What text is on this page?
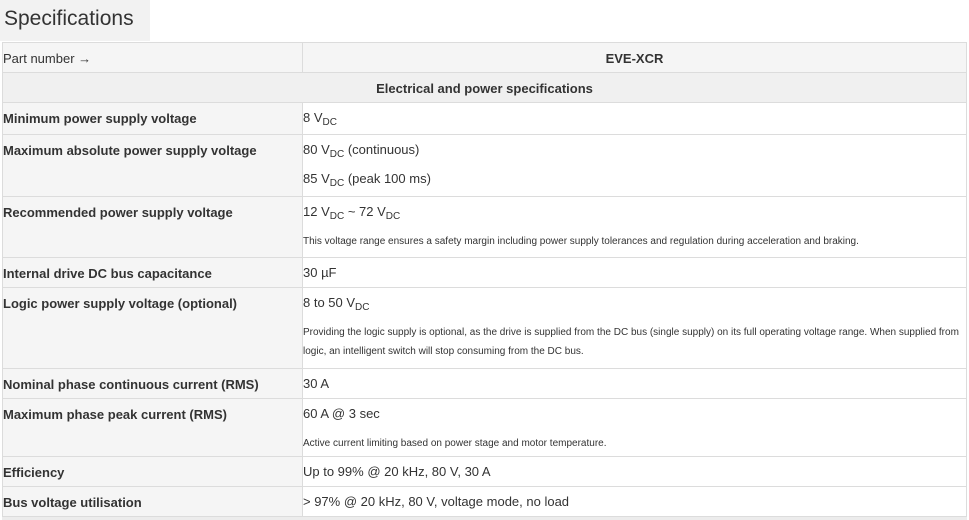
Specifications
Part number →	EVE-XCR

Electrical and power specifications	

Minimum power supply voltage	8 $V_{DC}$

Maximum absolute power supply voltage	80 $V_{DC}$ (continuous)
85 $V_{DC}$ (peak 100 ms)

Recommended power supply voltage	12 $V_{DC}$ ~ 72 $V_{DC}$
This voltage range ensures a safety margin including power supply tolerances and regulation during acceleration and braking.

Internal drive DC bus capacitance	30 µF

Logic power supply voltage (optional)	8 to 50 $V_{DC}$
Providing the logic supply is optional, as the drive is supplied from the DC bus (single supply) on its full operating voltage range. When supplied from logic, an intelligent switch will stop consuming from the DC bus.

Nominal phase continuous current (RMS)	30 A

Maximum phase peak current (RMS)	60 A @ 3 sec
Active current limiting based on power stage and motor temperature.

Efficiency	Up to 99% @ 20 kHz, 80 V, 30 A

Bus voltage utilisation	> 97% @ 20 kHz, 80 V, voltage mode, no load
